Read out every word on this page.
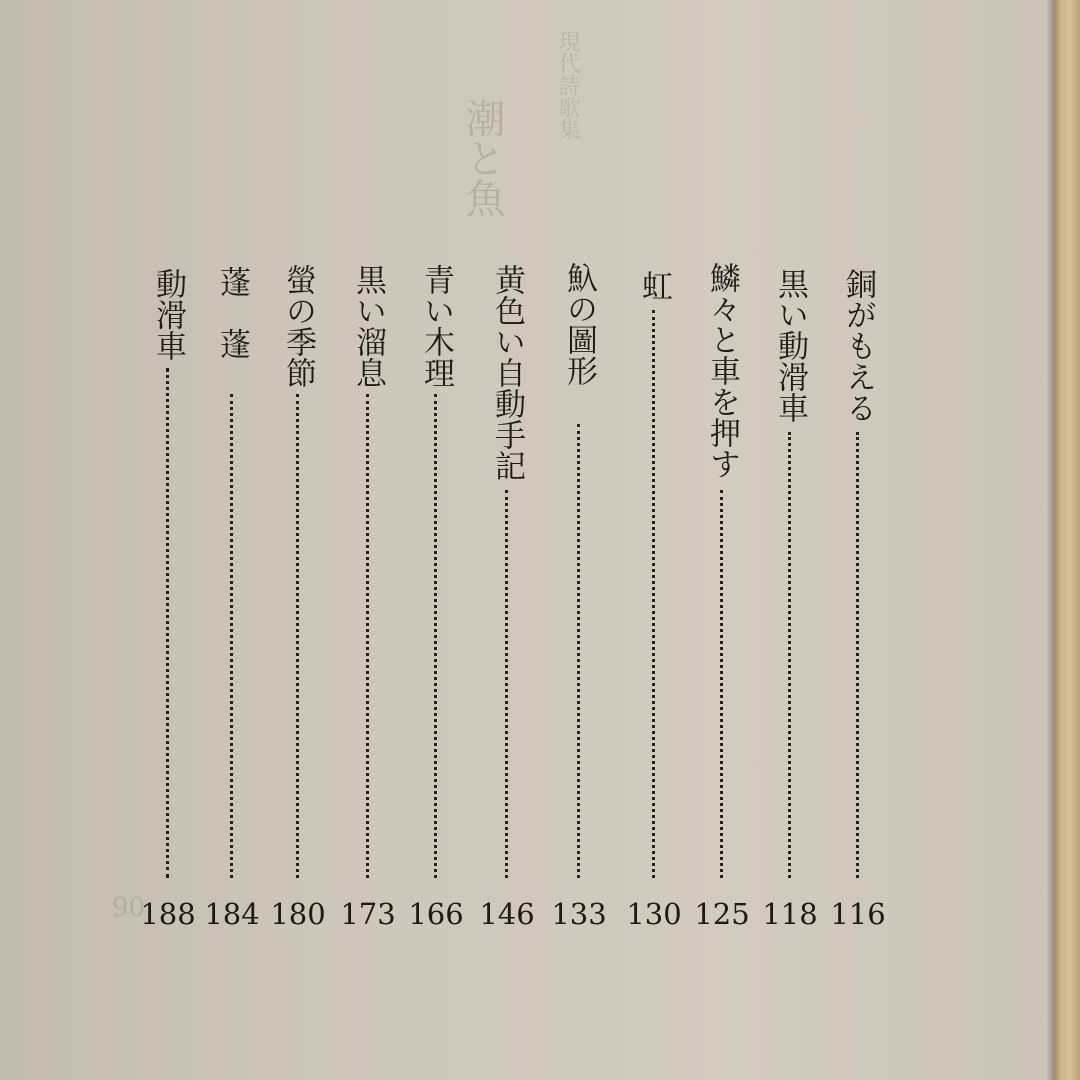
現代詩歌集
潮と魚
90
銅がもえる
116
黒い動滑車
118
鱗々と車を押す
125
虹
130
魞の圖形
133
黄色い自動手記
146
青い木理
166
黒い溜息
173
螢の季節
180
蓬　蓬
184
動滑車
188
